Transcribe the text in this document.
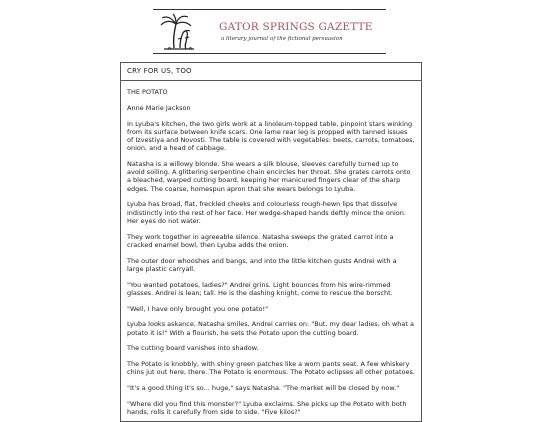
GATOR SPRINGS GAZETTE
a literary journal of the fictional persuasion
CRY FOR US, TOO

THE POTATO

Anne Marie Jackson

In Lyuba's kitchen, the two girls work at a linoleum-topped table, pinpoint stars winking from its surface between knife scars. One lame rear leg is propped with tanned issues of Izvestiya and Novosti. The table is covered with vegetables: beets, carrots, tomatoes, onion, and a head of cabbage.

Natasha is a willowy blonde. She wears a silk blouse, sleeves carefully turned up to avoid soiling. A glittering serpentine chain encircles her throat. She grates carrots onto a bleached, warped cutting board, keeping her manicured fingers clear of the sharp edges. The coarse, homespun apron that she wears belongs to Lyuba.

Lyuba has broad, flat, freckled cheeks and colourless rough-hewn lips that dissolve indistinctly into the rest of her face. Her wedge-shaped hands deftly mince the onion. Her eyes do not water.

They work together in agreeable silence. Natasha sweeps the grated carrot into a cracked enamel bowl, then Lyuba adds the onion.

The outer door whooshes and bangs, and into the little kitchen gusts Andrei with a large plastic carryall.

"You wanted potatoes, ladies?" Andrei grins. Light bounces from his wire-rimmed glasses. Andrei is lean; tall. He is the dashing knight, come to rescue the borscht.

"Well, I have only brought you one potato!"

Lyuba looks askance, Natasha smiles, Andrei carries on: "But, my dear ladies, oh what a potato it is!" With a flourish, he sets the Potato upon the cutting board.

The cutting board vanishes into shadow.

The Potato is knobbly, with shiny green patches like a worn pants seat. A few whiskery chins jut out here, there. The Potato is enormous. The Potato eclipses all other potatoes.

"It's a good thing it's so... huge," says Natasha. "The market will be closed by now."

"Where did you find this monster?" Lyuba exclaims. She picks up the Potato with both hands, rolls it carefully from side to side. "Five kilos?"
